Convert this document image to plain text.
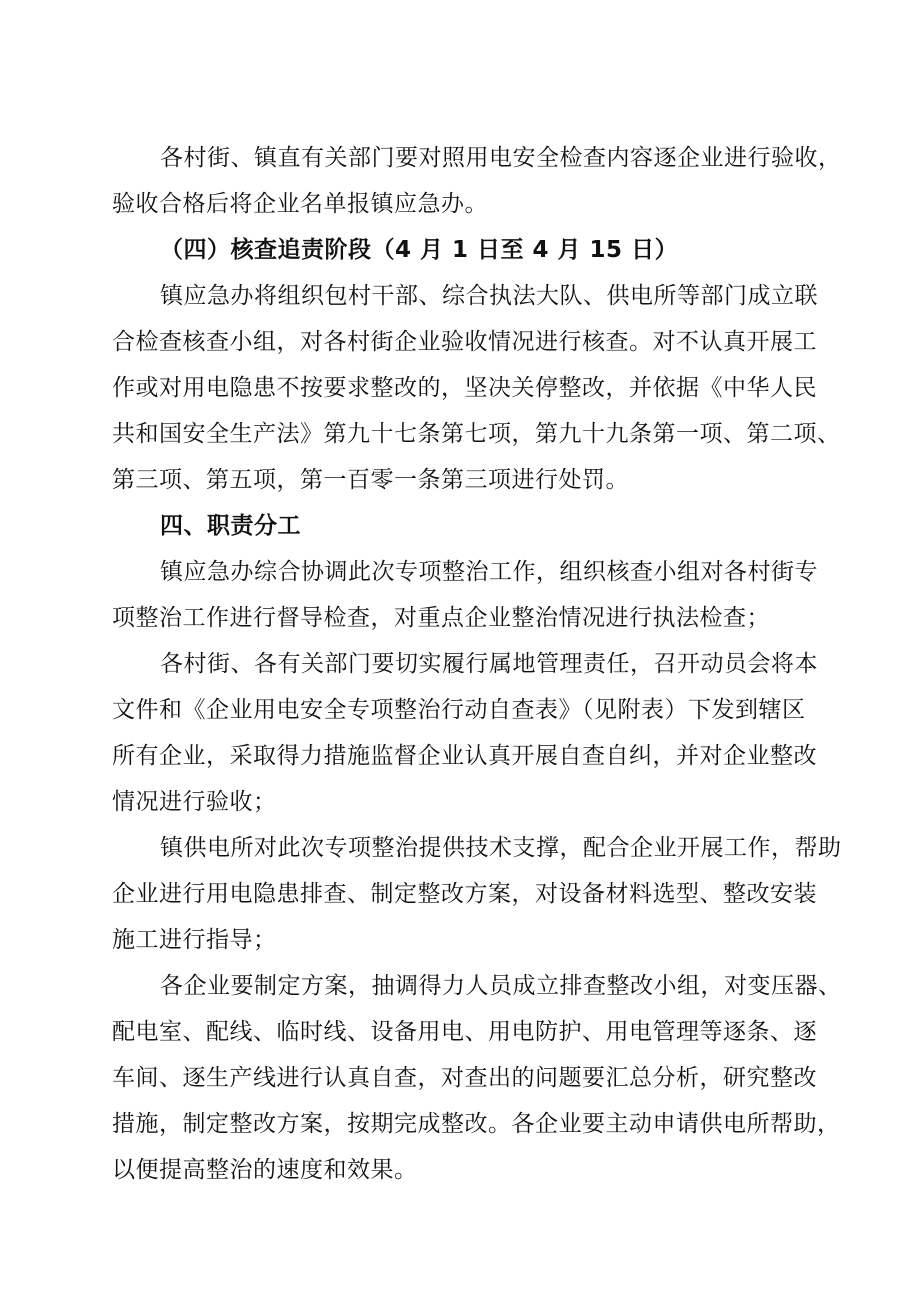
各村街、镇直有关部门要对照用电安全检查内容逐企业进行验收，
验收合格后将企业名单报镇应急办。
（四）核查追责阶段（4 月 1 日至 4 月 15 日）
镇应急办将组织包村干部、综合执法大队、供电所等部门成立联
合检查核查小组，对各村街企业验收情况进行核查。对不认真开展工
作或对用电隐患不按要求整改的，坚决关停整改，并依据《中华人民
共和国安全生产法》第九十七条第七项，第九十九条第一项、第二项、
第三项、第五项，第一百零一条第三项进行处罚。
四、职责分工
镇应急办综合协调此次专项整治工作，组织核查小组对各村街专
项整治工作进行督导检查，对重点企业整治情况进行执法检查；
各村街、各有关部门要切实履行属地管理责任，召开动员会将本
文件和《企业用电安全专项整治行动自查表》（见附表）下发到辖区
所有企业，采取得力措施监督企业认真开展自查自纠，并对企业整改
情况进行验收；
镇供电所对此次专项整治提供技术支撑，配合企业开展工作，帮助
企业进行用电隐患排查、制定整改方案，对设备材料选型、整改安装
施工进行指导；
各企业要制定方案，抽调得力人员成立排查整改小组，对变压器、
配电室、配线、临时线、设备用电、用电防护、用电管理等逐条、逐
车间、逐生产线进行认真自查，对查出的问题要汇总分析，研究整改
措施，制定整改方案，按期完成整改。各企业要主动申请供电所帮助，
以便提高整治的速度和效果。
